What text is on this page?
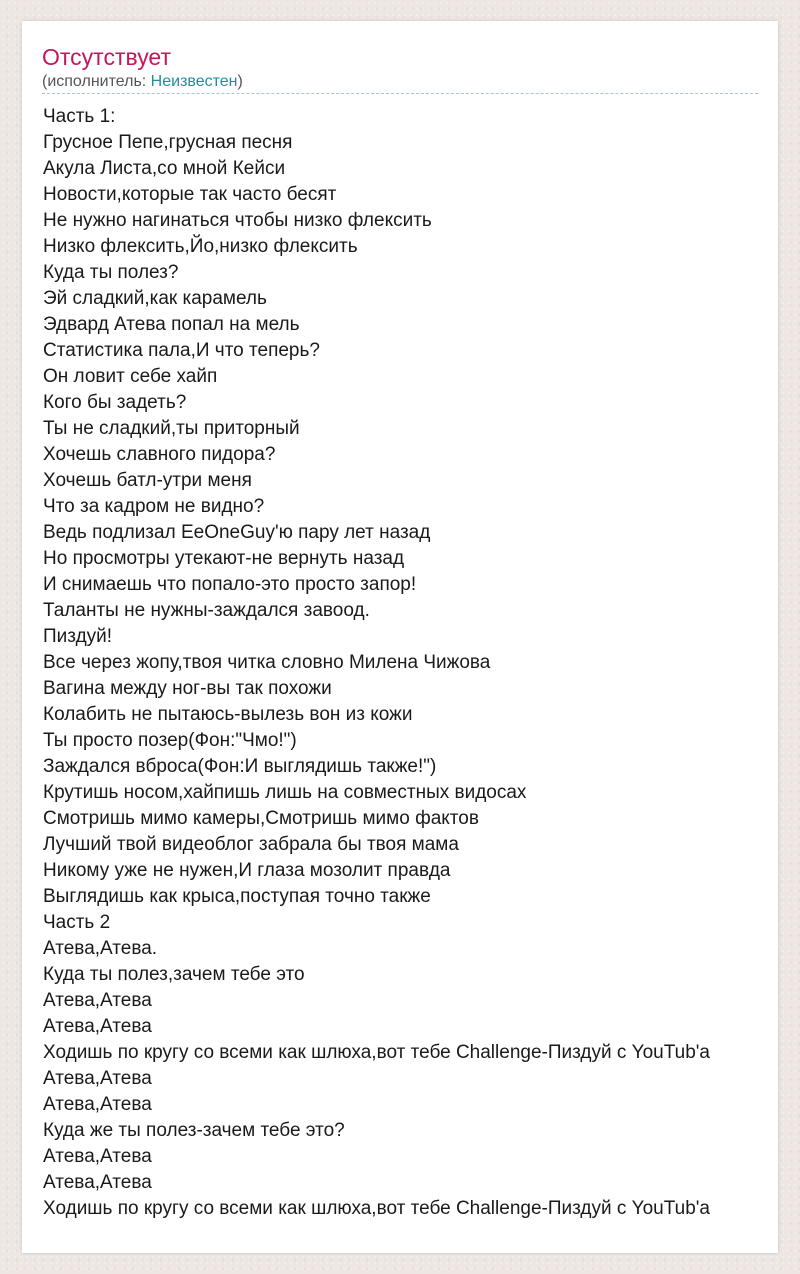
Отсутствует
(исполнитель: Неизвестен)
Часть 1:
Грусное Пепе,грусная песня
Акула Листа,со мной Кейси
Новости,которые так часто бесят
Не нужно нагинаться чтобы низко флексить
Низко флексить,Йо,низко флексить
Куда ты полез?
Эй сладкий,как карамель
Эдвард Атева попал на мель
Статистика пала,И что теперь?
Он ловит себе хайп
Кого бы задеть?
Ты не сладкий,ты приторный
Хочешь славного пидора?
Хочешь батл-утри меня
Что за кадром не видно?
Ведь подлизал EeOneGuy'ю пару лет назад
Но просмотры утекают-не вернуть назад
И снимаешь что попало-это просто запор!
Таланты не нужны-заждался завоод.
Пиздуй!
Все через жопу,твоя читка словно Милена Чижова
Вагина между ног-вы так похожи
Колабить не пытаюсь-вылезь вон из кожи
Ты просто позер(Фон:"Чмо!")
Заждался вброса(Фон:И выглядишь также!")
Крутишь носом,хайпишь лишь на совместных видосах
Смотришь мимо камеры,Смотришь мимо фактов
Лучший твой видеоблог забрала бы твоя мама
Никому уже не нужен,И глаза мозолит правда
Выглядишь как крыса,поступая точно также
Часть 2
Атева,Атева.
Куда ты полез,зачем тебе это
Атева,Атева
Атева,Атева
Ходишь по кругу со всеми как шлюха,вот тебе Challenge-Пиздуй с YouTub'a
Атева,Атева
Атева,Атева
Куда же ты полез-зачем тебе это?
Атева,Атева
Атева,Атева
Ходишь по кругу со всеми как шлюха,вот тебе Challenge-Пиздуй с YouTub'a
